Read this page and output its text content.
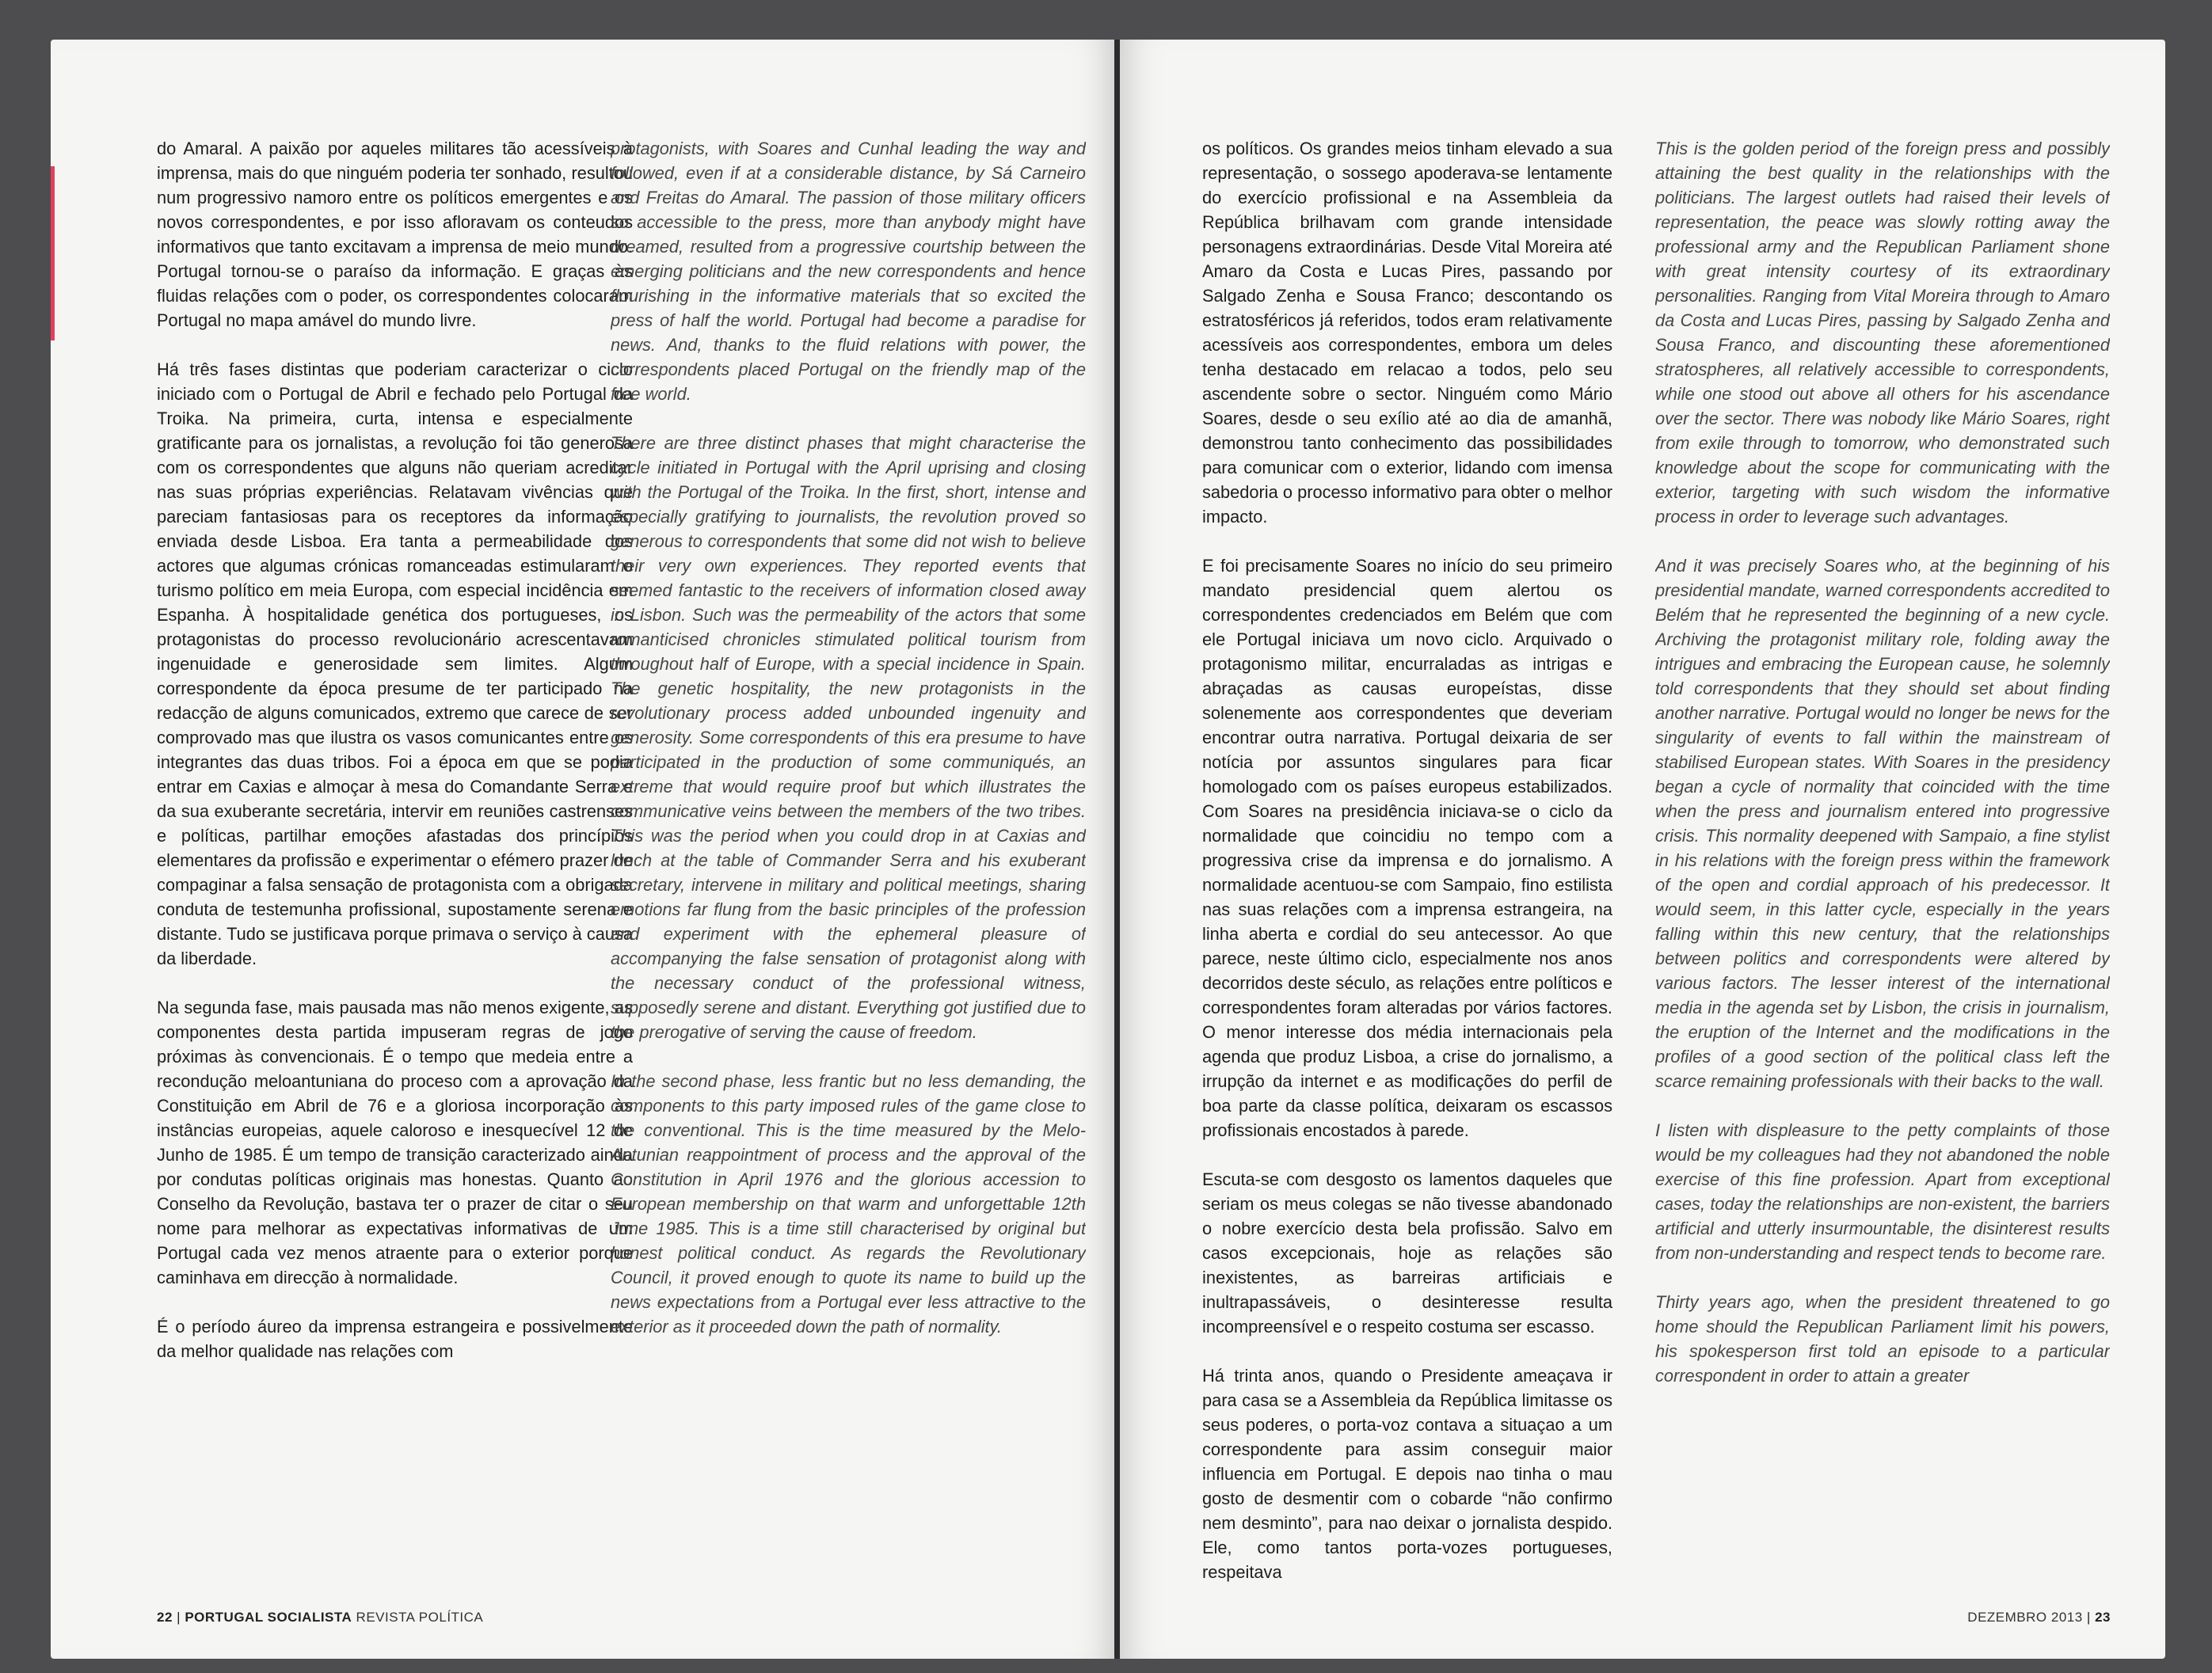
do Amaral. A paixão por aqueles militares tão acessíveis à imprensa, mais do que ninguém poderia ter sonhado, resultou num progressivo namoro entre os políticos emergentes e os novos correspondentes, e por isso afloravam os conteudos informativos que tanto excitavam a imprensa de meio mundo. Portugal tornou-se o paraíso da informação. E graças às fluidas relações com o poder, os correspondentes colocaram Portugal no mapa amável do mundo livre.

Há três fases distintas que poderiam caracterizar o ciclo iniciado com o Portugal de Abril e fechado pelo Portugal da Troika. Na primeira, curta, intensa e especialmente gratificante para os jornalistas, a revolução foi tão generosa com os correspondentes que alguns não queriam acreditar nas suas próprias experiências. Relatavam vivências que pareciam fantasiosas para os receptores da informação enviada desde Lisboa. Era tanta a permeabilidade dos actores que algumas crónicas romanceadas estimularam o turismo político em meia Europa, com especial incidência em Espanha. À hospitalidade genética dos portugueses, os protagonistas do processo revolucionário acrescentavam ingenuidade e generosidade sem limites. Algum correspondente da época presume de ter participado na redacção de alguns comunicados, extremo que carece de ser comprovado mas que ilustra os vasos comunicantes entre os integrantes das duas tribos. Foi a época em que se podia entrar em Caxias e almoçar à mesa do Comandante Serra e da sua exuberante secretária, intervir em reuniões castrenses e políticas, partilhar emoções afastadas dos princípios elementares da profissão e experimentar o efémero prazer de compaginar a falsa sensação de protagonista com a obrigada conduta de testemunha profissional, supostamente serena e distante. Tudo se justificava porque primava o serviço à causa da liberdade.

Na segunda fase, mais pausada mas não menos exigente, as componentes desta partida impuseram regras de jogo próximas às convencionais. É o tempo que medeia entre a recondução meloantuniana do proceso com a aprovação da Constituição em Abril de 76 e a gloriosa incorporação às instâncias europeias, aquele caloroso e inesquecível 12 de Junho de 1985. É um tempo de transição caracterizado ainda por condutas políticas originais mas honestas. Quanto ao Conselho da Revolução, bastava ter o prazer de citar o seu nome para melhorar as expectativas informativas de um Portugal cada vez menos atraente para o exterior porque caminhava em direcção à normalidade.

É o período áureo da imprensa estrangeira e possivelmente da melhor qualidade nas relações com

protagonists, with Soares and Cunhal leading the way and followed, even if at a considerable distance, by Sá Carneiro and Freitas do Amaral. The passion of those military officers so accessible to the press, more than anybody might have dreamed, resulted from a progressive courtship between the emerging politicians and the new correspondents and hence flourishing in the informative materials that so excited the press of half the world. Portugal had become a paradise for news. And, thanks to the fluid relations with power, the correspondents placed Portugal on the friendly map of the free world.

There are three distinct phases that might characterise the cycle initiated in Portugal with the April uprising and closing with the Portugal of the Troika. In the first, short, intense and especially gratifying to journalists, the revolution proved so generous to correspondents that some did not wish to believe their very own experiences. They reported events that seemed fantastic to the receivers of information closed away in Lisbon. Such was the permeability of the actors that some romanticised chronicles stimulated political tourism from throughout half of Europe, with a special incidence in Spain. The genetic hospitality, the new protagonists in the revolutionary process added unbounded ingenuity and generosity. Some correspondents of this era presume to have participated in the production of some communiqués, an extreme that would require proof but which illustrates the communicative veins between the members of the two tribes. This was the period when you could drop in at Caxias and lunch at the table of Commander Serra and his exuberant secretary, intervene in military and political meetings, sharing emotions far flung from the basic principles of the profession and experiment with the ephemeral pleasure of accompanying the false sensation of protagonist along with the necessary conduct of the professional witness, supposedly serene and distant. Everything got justified due to the prerogative of serving the cause of freedom.

In the second phase, less frantic but no less demanding, the components to this party imposed rules of the game close to the conventional. This is the time measured by the Melo-Antunian reappointment of process and the approval of the Constitution in April 1976 and the glorious accession to European membership on that warm and unforgettable 12th June 1985. This is a time still characterised by original but honest political conduct. As regards the Revolutionary Council, it proved enough to quote its name to build up the news expectations from a Portugal ever less attractive to the exterior as it proceeded down the path of normality.

22 | PORTUGAL SOCIALISTA REVISTA POLÍTICA

os políticos. Os grandes meios tinham elevado a sua representação, o sossego apoderava-se lentamente do exercício profissional e na Assembleia da República brilhavam com grande intensidade personagens extraordinárias. Desde Vital Moreira até Amaro da Costa e Lucas Pires, passando por Salgado Zenha e Sousa Franco; descontando os estratosféricos já referidos, todos eram relativamente acessíveis aos correspondentes, embora um deles tenha destacado em relacao a todos, pelo seu ascendente sobre o sector. Ninguém como Mário Soares, desde o seu exílio até ao dia de amanhã, demonstrou tanto conhecimento das possibilidades para comunicar com o exterior, lidando com imensa sabedoria o processo informativo para obter o melhor impacto.

E foi precisamente Soares no início do seu primeiro mandato presidencial quem alertou os correspondentes credenciados em Belém que com ele Portugal iniciava um novo ciclo. Arquivado o protagonismo militar, encurraladas as intrigas e abraçadas as causas europeístas, disse solenemente aos correspondentes que deveriam encontrar outra narrativa. Portugal deixaria de ser notícia por assuntos singulares para ficar homologado com os países europeus estabilizados. Com Soares na presidência iniciava-se o ciclo da normalidade que coincidiu no tempo com a progressiva crise da imprensa e do jornalismo. A normalidade acentuou-se com Sampaio, fino estilista nas suas relações com a imprensa estrangeira, na linha aberta e cordial do seu antecessor. Ao que parece, neste último ciclo, especialmente nos anos decorridos deste século, as relações entre políticos e correspondentes foram alteradas por vários factores. O menor interesse dos média internacionais pela agenda que produz Lisboa, a crise do jornalismo, a irrupção da internet e as modificações do perfil de boa parte da classe política, deixaram os escassos profissionais encostados à parede.

Escuta-se com desgosto os lamentos daqueles que seriam os meus colegas se não tivesse abandonado o nobre exercício desta bela profissão. Salvo em casos excepcionais, hoje as relações são inexistentes, as barreiras artificiais e inultrapassáveis, o desinteresse resulta incompreensível e o respeito costuma ser escasso.

Há trinta anos, quando o Presidente ameaçava ir para casa se a Assembleia da República limitasse os seus poderes, o porta-voz contava a situaçao a um correspondente para assim conseguir maior influencia em Portugal. E depois nao tinha o mau gosto de desmentir com o cobarde “não confirmo nem desminto”, para nao deixar o jornalista despido. Ele, como tantos porta-vozes portugueses, respeitava

This is the golden period of the foreign press and possibly attaining the best quality in the relationships with the politicians. The largest outlets had raised their levels of representation, the peace was slowly rotting away the professional army and the Republican Parliament shone with great intensity courtesy of its extraordinary personalities. Ranging from Vital Moreira through to Amaro da Costa and Lucas Pires, passing by Salgado Zenha and Sousa Franco, and discounting these aforementioned stratospheres, all relatively accessible to correspondents, while one stood out above all others for his ascendance over the sector. There was nobody like Mário Soares, right from exile through to tomorrow, who demonstrated such knowledge about the scope for communicating with the exterior, targeting with such wisdom the informative process in order to leverage such advantages.

And it was precisely Soares who, at the beginning of his presidential mandate, warned correspondents accredited to Belém that he represented the beginning of a new cycle. Archiving the protagonist military role, folding away the intrigues and embracing the European cause, he solemnly told correspondents that they should set about finding another narrative. Portugal would no longer be news for the singularity of events to fall within the mainstream of stabilised European states. With Soares in the presidency began a cycle of normality that coincided with the time when the press and journalism entered into progressive crisis. This normality deepened with Sampaio, a fine stylist in his relations with the foreign press within the framework of the open and cordial approach of his predecessor. It would seem, in this latter cycle, especially in the years falling within this new century, that the relationships between politics and correspondents were altered by various factors. The lesser interest of the international media in the agenda set by Lisbon, the crisis in journalism, the eruption of the Internet and the modifications in the profiles of a good section of the political class left the scarce remaining professionals with their backs to the wall.

I listen with displeasure to the petty complaints of those would be my colleagues had they not abandoned the noble exercise of this fine profession. Apart from exceptional cases, today the relationships are non-existent, the barriers artificial and utterly insurmountable, the disinterest results from non-understanding and respect tends to become rare.

Thirty years ago, when the president threatened to go home should the Republican Parliament limit his powers, his spokesperson first told an episode to a particular correspondent in order to attain a greater

DEZEMBRO 2013 | 23
